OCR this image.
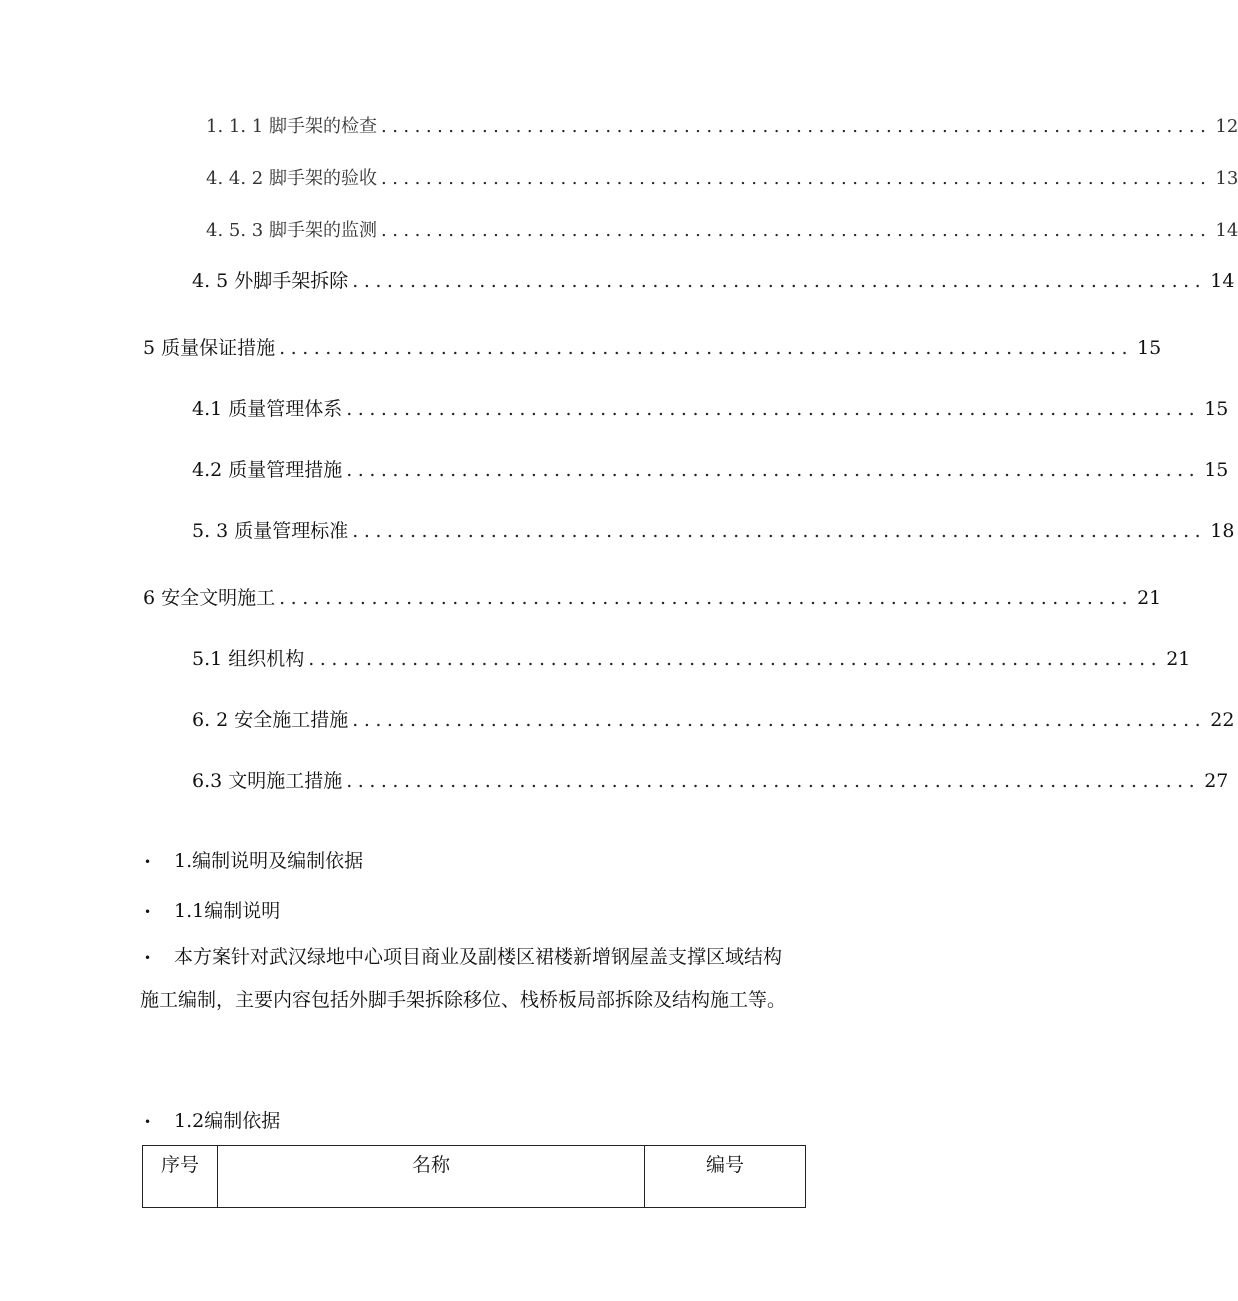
1. 1. 1 脚手架的检查 .......................................................................... 12
4. 4. 2 脚手架的验收 .......................................................................... 13
4. 5. 3 脚手架的监测 .......................................................................... 14
4. 5 外脚手架拆除 .......................................................................... 14
5 质量保证措施 .......................................................................... 15
4.1 质量管理体系 .......................................................................... 15
4.2 质量管理措施 .......................................................................... 15
5. 3 质量管理标准 .......................................................................... 18
6 安全文明施工 .......................................................................... 21
5.1 组织机构 .......................................................................... 21
6. 2 安全施工措施 .......................................................................... 22
6.3 文明施工措施 .......................................................................... 27
• 1.编制说明及编制依据
• 1.1编制说明
• 本方案针对武汉绿地中心项目商业及副楼区裙楼新增钢屋盖支撑区域结构施工编制，主要内容包括外脚手架拆除移位、栈桥板局部拆除及结构施工等。
• 1.2编制依据
序号	名称	编号
